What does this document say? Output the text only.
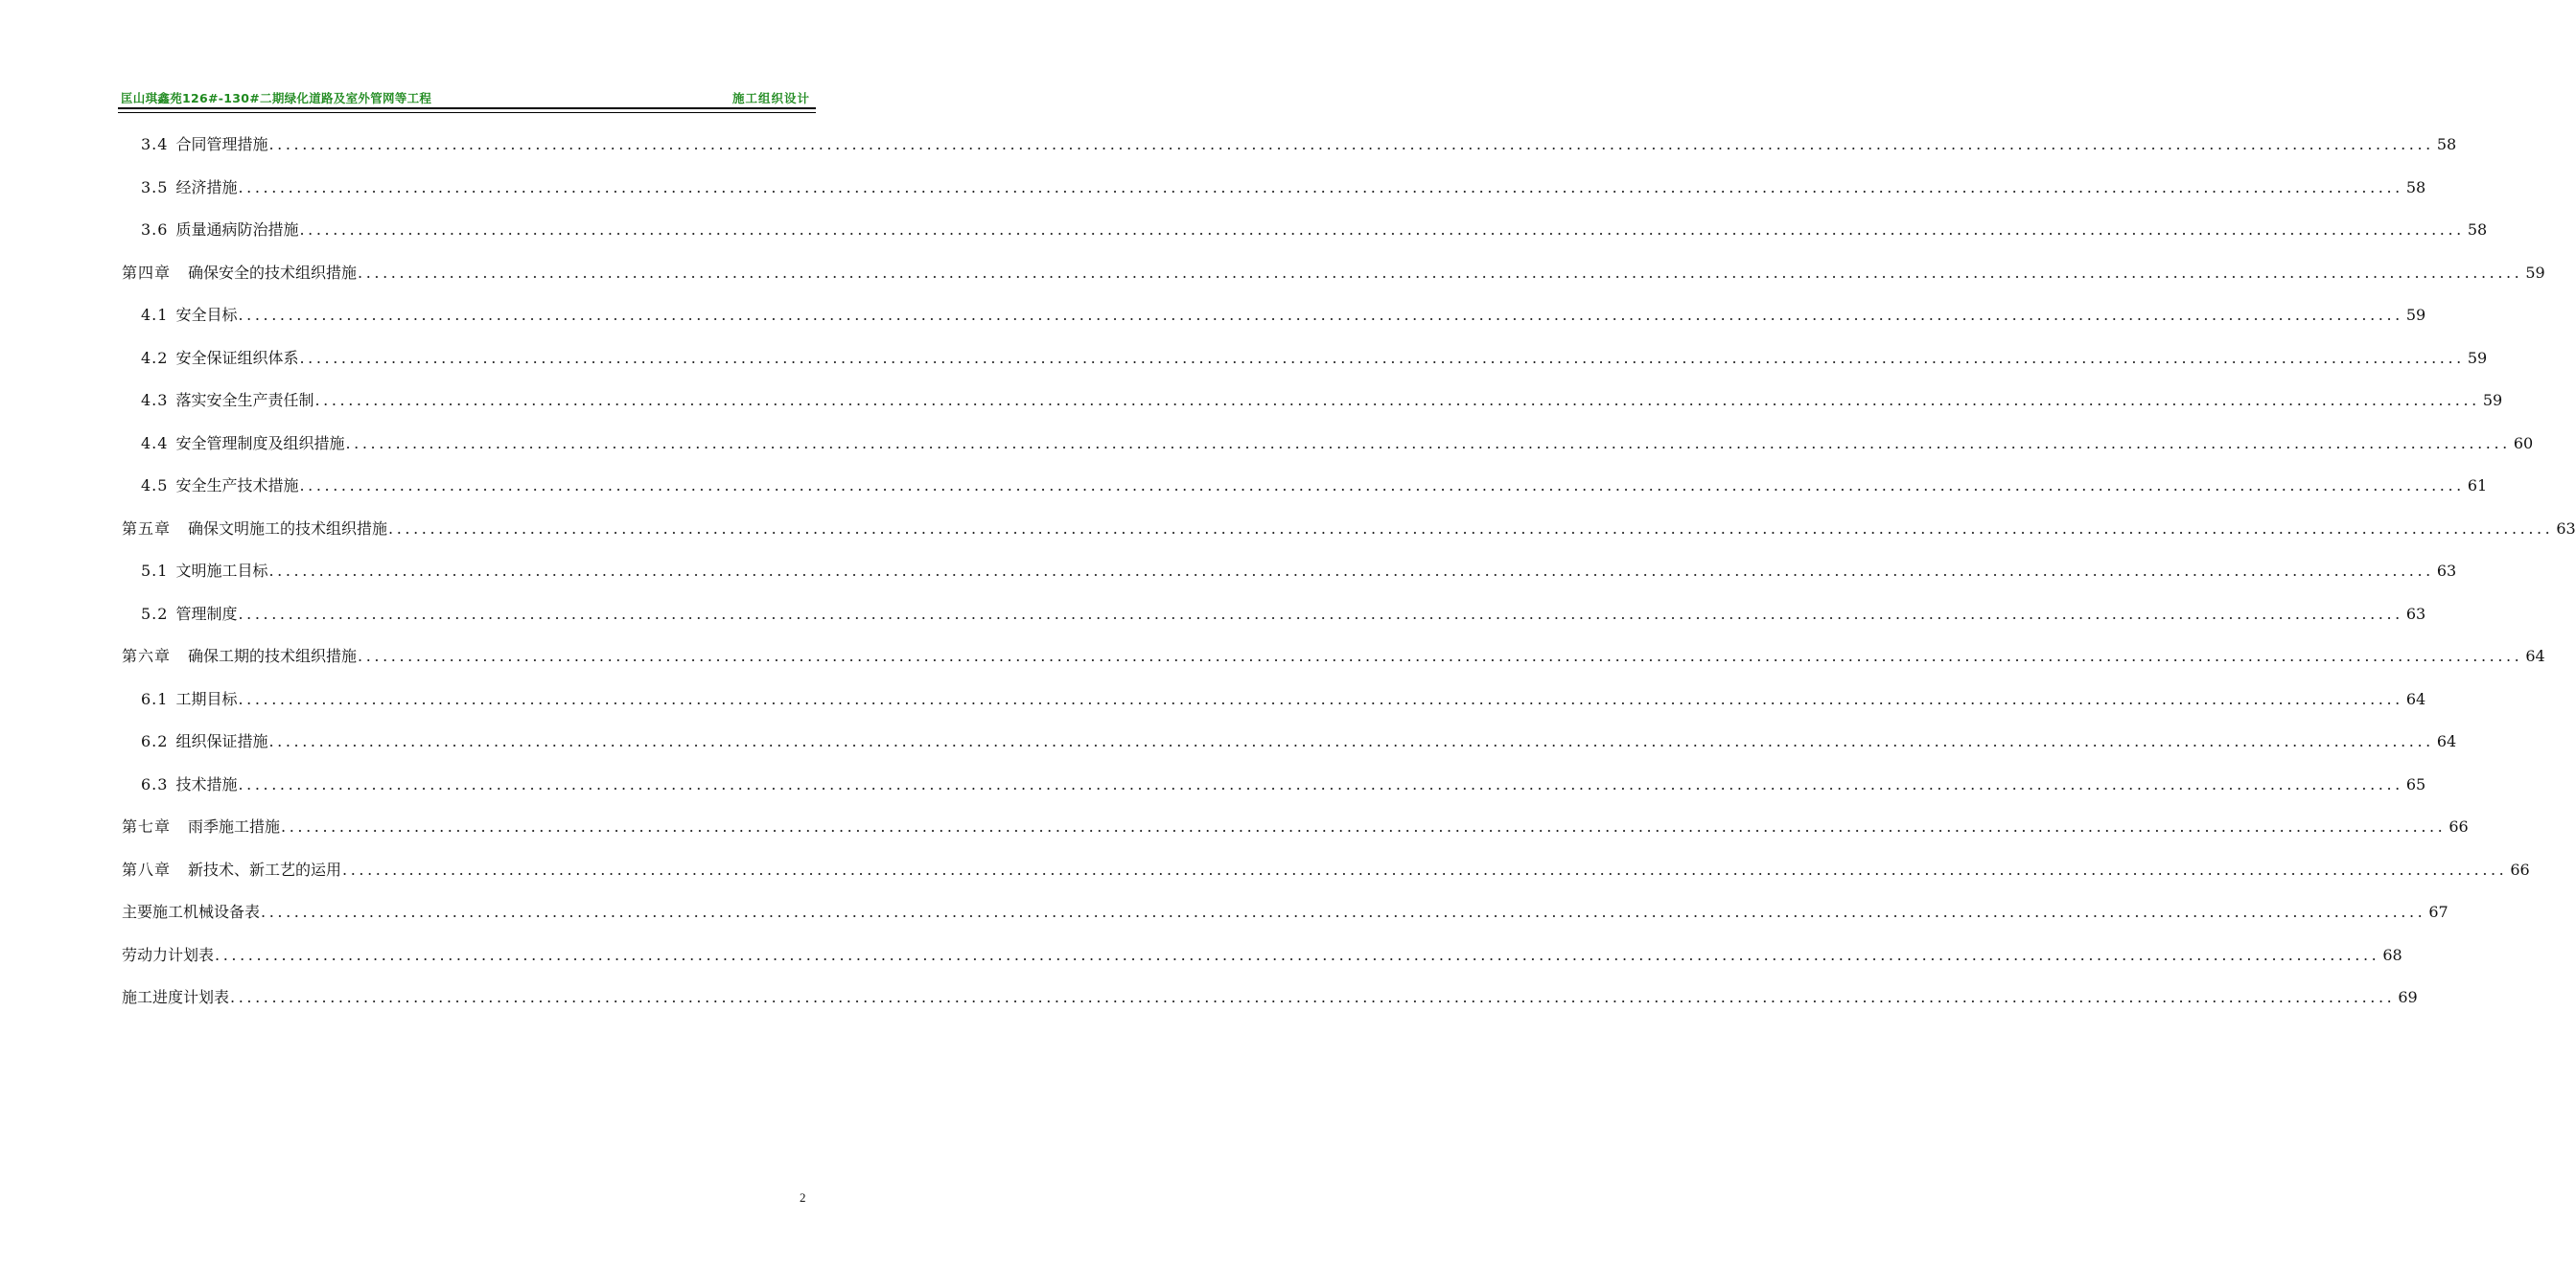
匡山琪鑫苑126#-130#二期绿化道路及室外管网等工程	施工组织设计
3.4 合同管理措施 .................................................................................................................................................................................................................................................................... 58
3.5 经济措施 .................................................................................................................................................................................................................................................................... 58
3.6 质量通病防治措施 .................................................................................................................................................................................................................................................................... 58
第四章 确保安全的技术组织措施 .................................................................................................................................................................................................................................................................... 59
4.1 安全目标 .................................................................................................................................................................................................................................................................... 59
4.2 安全保证组织体系 .................................................................................................................................................................................................................................................................... 59
4.3 落实安全生产责任制 .................................................................................................................................................................................................................................................................... 59
4.4 安全管理制度及组织措施 .................................................................................................................................................................................................................................................................... 60
4.5 安全生产技术措施 .................................................................................................................................................................................................................................................................... 61
第五章 确保文明施工的技术组织措施 .................................................................................................................................................................................................................................................................... 63
5.1 文明施工目标 .................................................................................................................................................................................................................................................................... 63
5.2 管理制度 .................................................................................................................................................................................................................................................................... 63
第六章 确保工期的技术组织措施 .................................................................................................................................................................................................................................................................... 64
6.1 工期目标 .................................................................................................................................................................................................................................................................... 64
6.2 组织保证措施 .................................................................................................................................................................................................................................................................... 64
6.3 技术措施 .................................................................................................................................................................................................................................................................... 65
第七章 雨季施工措施 .................................................................................................................................................................................................................................................................... 66
第八章 新技术、新工艺的运用 .................................................................................................................................................................................................................................................................... 66
主要施工机械设备表 .................................................................................................................................................................................................................................................................... 67
劳动力计划表 .................................................................................................................................................................................................................................................................... 68
施工进度计划表 .................................................................................................................................................................................................................................................................... 69
2
